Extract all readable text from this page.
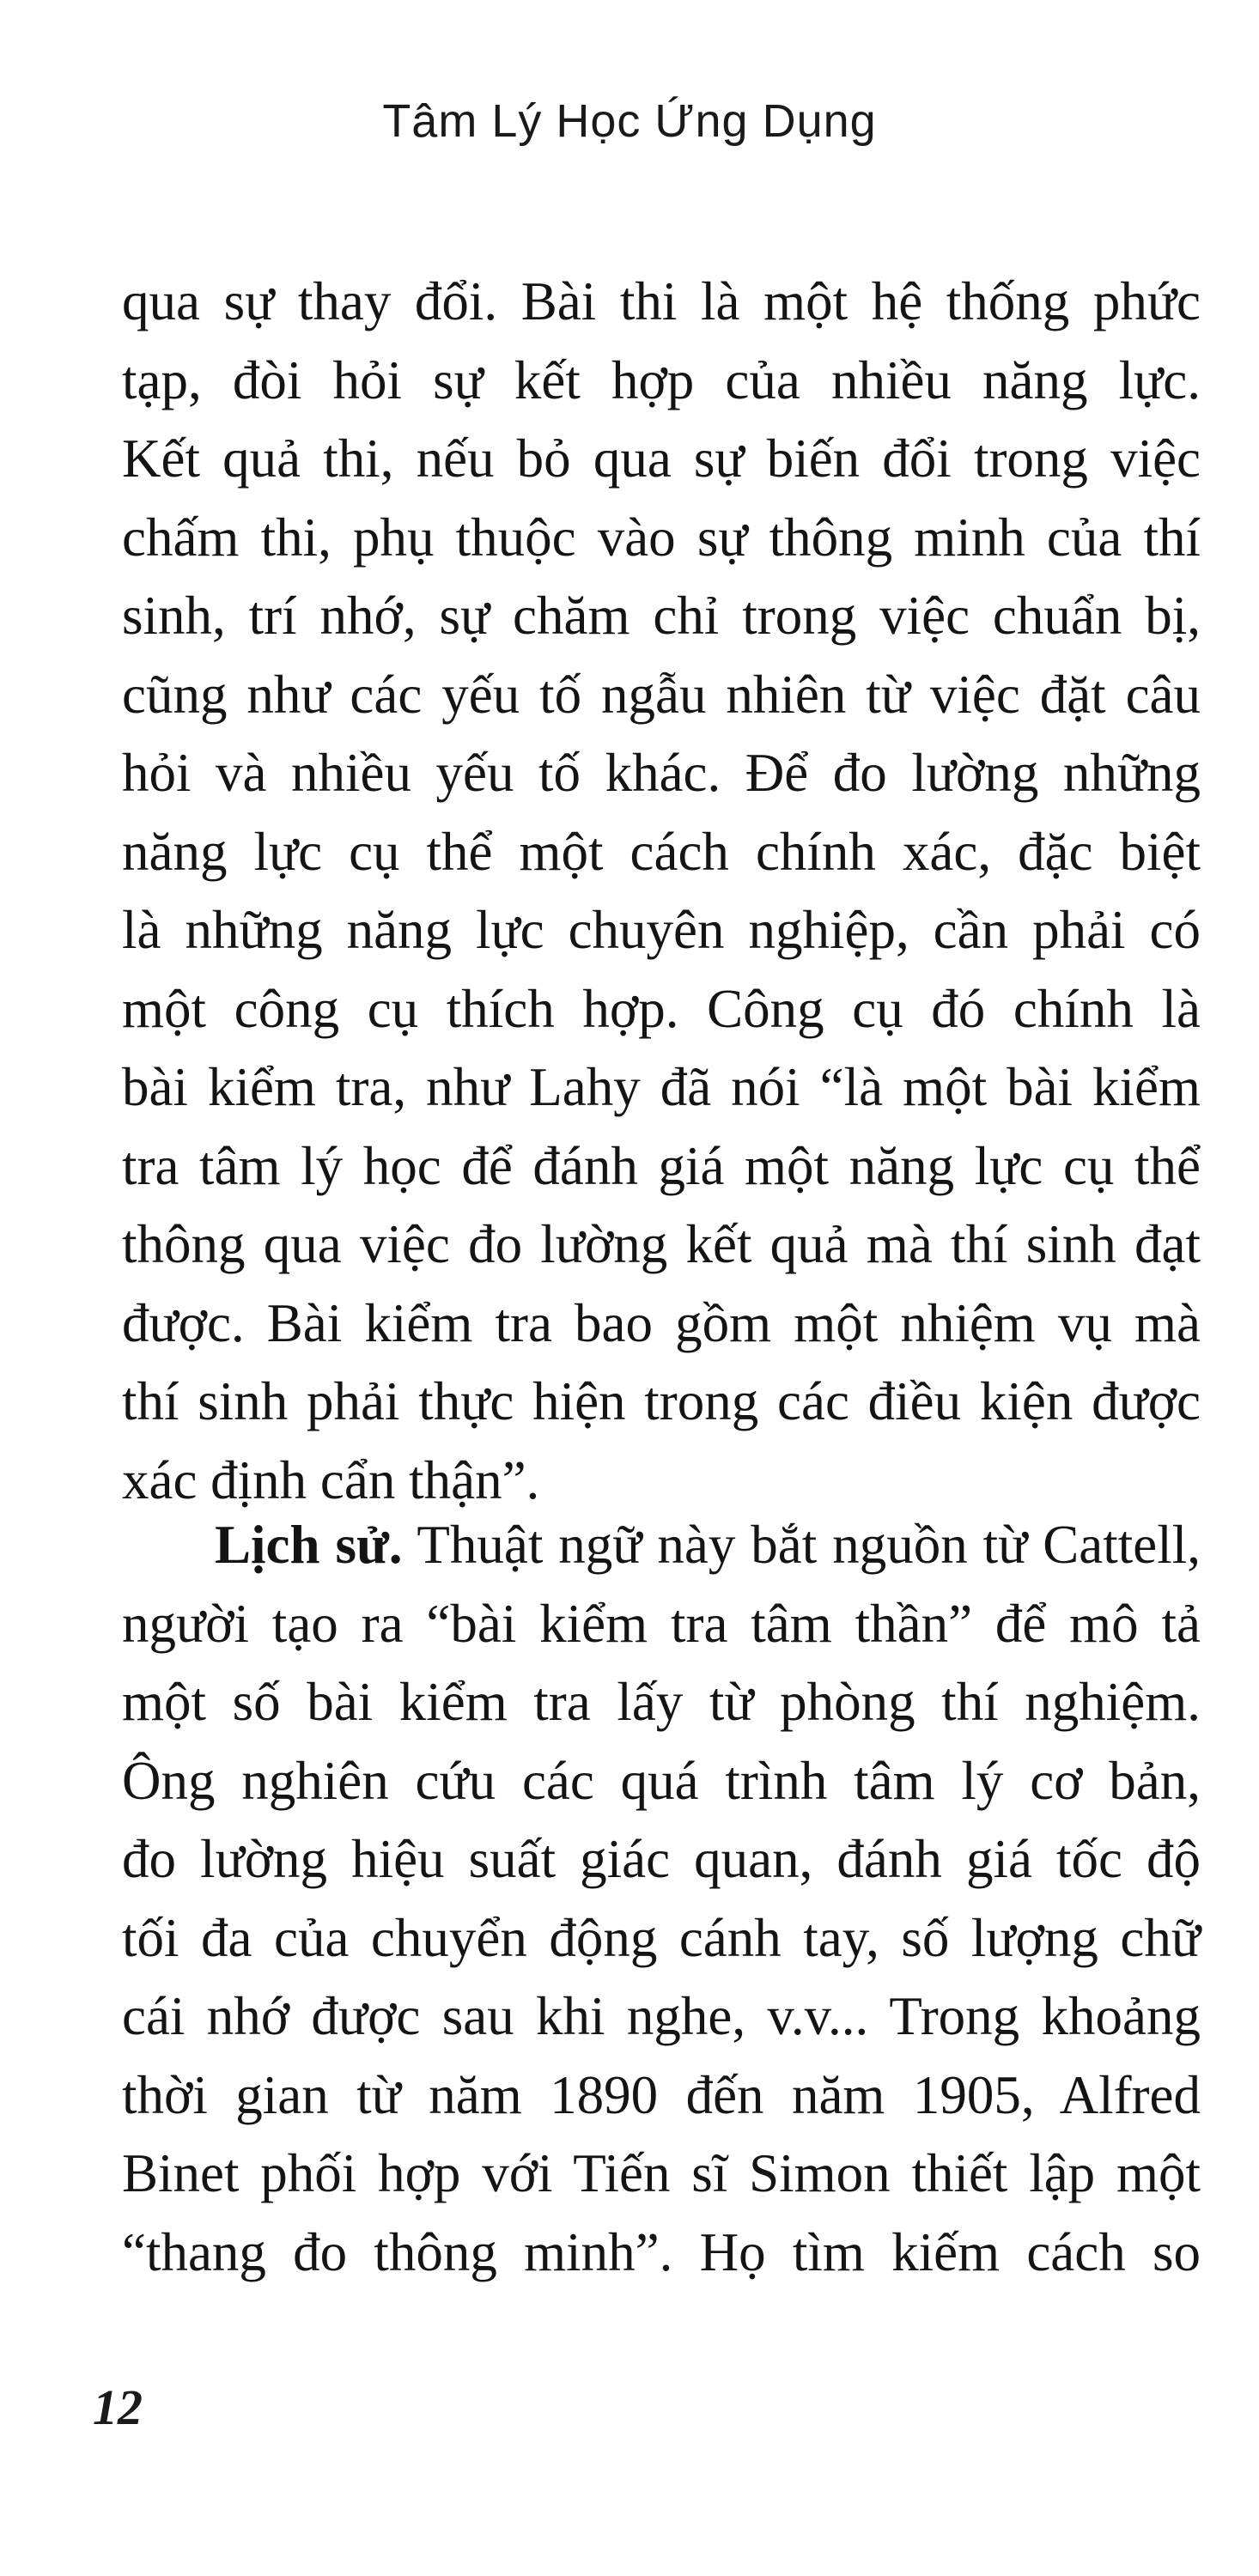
Tâm Lý Học Ứng Dụng
qua sự thay đổi. Bài thi là một hệ thống phức
tạp, đòi hỏi sự kết hợp của nhiều năng lực.
Kết quả thi, nếu bỏ qua sự biến đổi trong việc
chấm thi, phụ thuộc vào sự thông minh của thí
sinh, trí nhớ, sự chăm chỉ trong việc chuẩn bị,
cũng như các yếu tố ngẫu nhiên từ việc đặt câu
hỏi và nhiều yếu tố khác. Để đo lường những
năng lực cụ thể một cách chính xác, đặc biệt
là những năng lực chuyên nghiệp, cần phải có
một công cụ thích hợp. Công cụ đó chính là
bài kiểm tra, như Lahy đã nói “là một bài kiểm
tra tâm lý học để đánh giá một năng lực cụ thể
thông qua việc đo lường kết quả mà thí sinh đạt
được. Bài kiểm tra bao gồm một nhiệm vụ mà
thí sinh phải thực hiện trong các điều kiện được
xác định cẩn thận”.
Lịch sử. Thuật ngữ này bắt nguồn từ Cattell,
người tạo ra “bài kiểm tra tâm thần” để mô tả
một số bài kiểm tra lấy từ phòng thí nghiệm.
Ông nghiên cứu các quá trình tâm lý cơ bản,
đo lường hiệu suất giác quan, đánh giá tốc độ
tối đa của chuyển động cánh tay, số lượng chữ
cái nhớ được sau khi nghe, v.v... Trong khoảng
thời gian từ năm 1890 đến năm 1905, Alfred
Binet phối hợp với Tiến sĩ Simon thiết lập một
“thang đo thông minh”. Họ tìm kiếm cách so
12
